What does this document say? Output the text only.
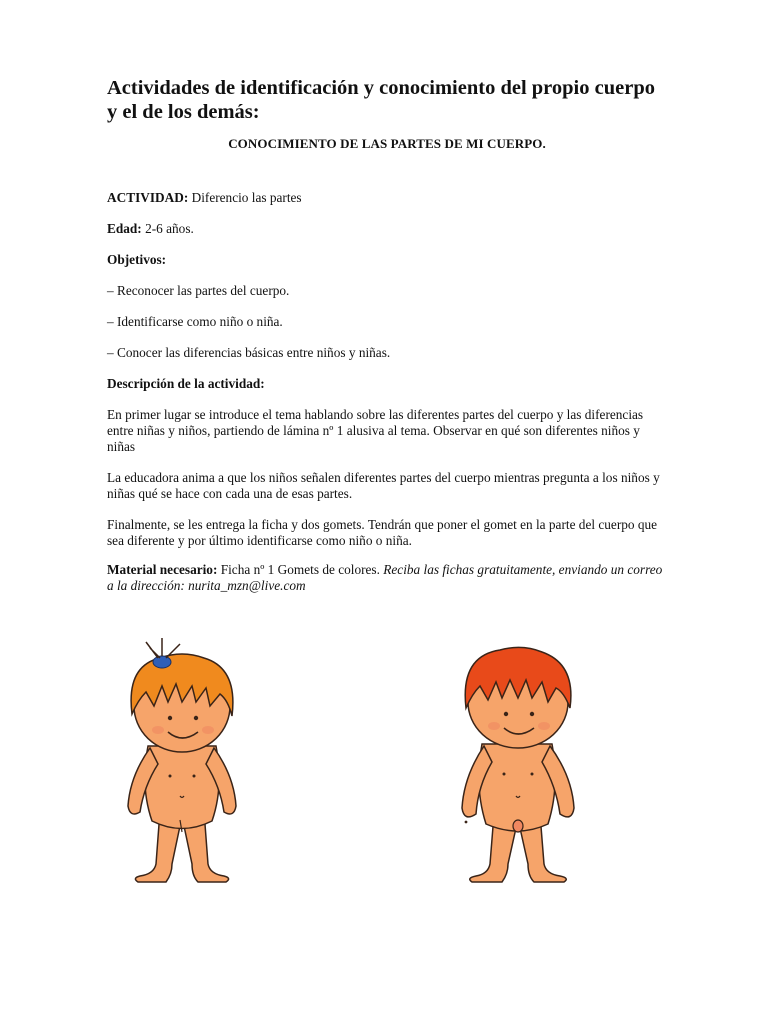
Actividades de identificación y conocimiento del propio cuerpo y el de los demás:
CONOCIMIENTO DE LAS PARTES DE MI CUERPO.

ACTIVIDAD: Diferencio las partes

Edad: 2-6 años.

Objetivos:

– Reconocer las partes del cuerpo.

– Identificarse como niño o niña.

– Conocer las diferencias básicas entre niños y niñas.

Descripción de la actividad:

En primer lugar se introduce el tema hablando sobre las diferentes partes del cuerpo y las diferencias entre niñas y niños, partiendo de lámina nº 1 alusiva al tema. Observar en qué son diferentes niños y niñas

La educadora anima a que los niños señalen diferentes partes del cuerpo mientras pregunta a los niños y niñas qué se hace con cada una de esas partes.

Finalmente, se les entrega la ficha y dos gomets. Tendrán que poner el gomet en la parte del cuerpo que sea diferente y por último identificarse como niño o niña.

Material necesario: Ficha nº 1 Gomets de colores. Reciba las fichas gratuitamente, enviando un correo a la dirección: nurita_mzn@live.com
